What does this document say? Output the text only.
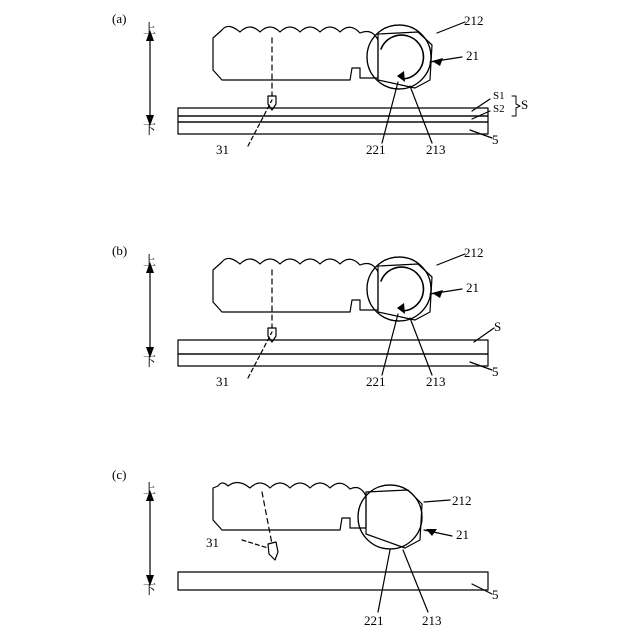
(a)
上
下
212
21
31	221	213
5
S1
S2 S
(b)
上
下
212
21
31	221	213
5
S
(c)
上
下
212
21
31
221	213
5
